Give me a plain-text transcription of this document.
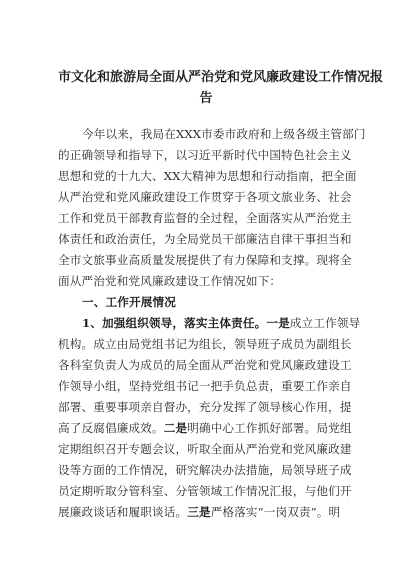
市文化和旅游局全面从严治党和党风廉政建设工作情况报
告
今年以来，我局在XXX市委市政府和上级各级主管部门
的正确领导和指导下，以习近平新时代中国特色社会主义
思想和党的十九大、XX大精神为思想和行动指南，把全面
从严治党和党风廉政建设工作贯穿于各项文旅业务、社会
工作和党员干部教育监督的全过程，全面落实从严治党主
体责任和政治责任，为全局党员干部廉洁自律干事担当和
全市文旅事业高质量发展提供了有力保障和支撑。现将全
面从严治党和党风廉政建设工作情况如下：
一、工作开展情况
1、加强组织领导，落实主体责任。一是成立工作领导
机构。成立由局党组书记为组长，领导班子成员为副组长
各科室负责人为成员的局全面从严治党和党风廉政建设工
作领导小组，坚持党组书记一把手负总责，重要工作亲自
部署、重要事项亲自督办，充分发挥了领导核心作用，提
高了反腐倡廉成效。二是明确中心工作抓好部署。局党组
定期组织召开专题会议，听取全面从严治党和党风廉政建
设等方面的工作情况，研究解决办法措施，局领导班子成
员定期听取分管科室、分管领域工作情况汇报，与他们开
展廉政谈话和履职谈话。三是严格落实“一岗双责”。明
